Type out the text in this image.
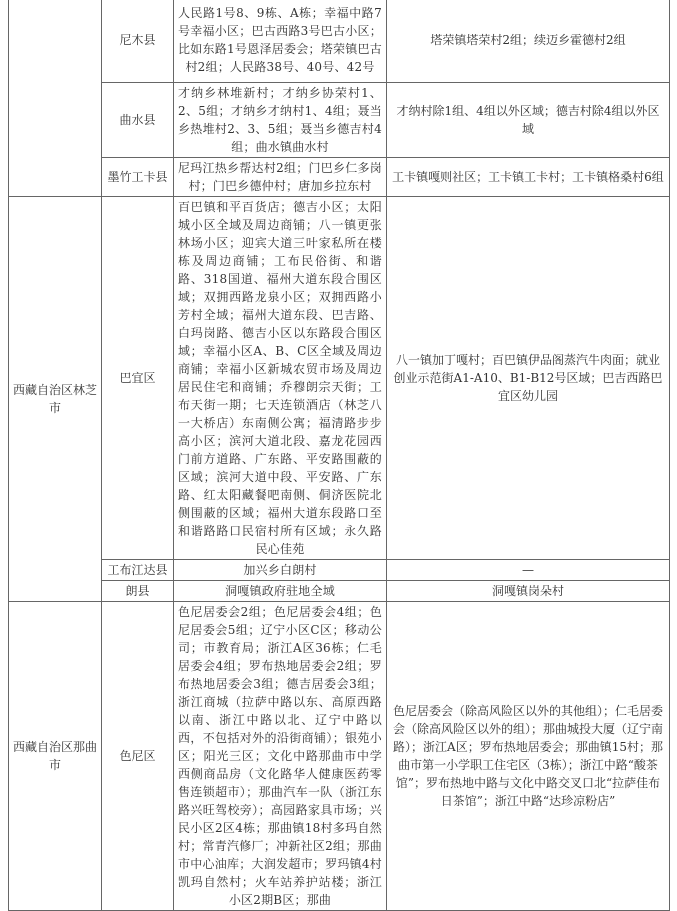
	尼木县	人民路1号8、9栋、A栋；幸福中路7号幸福小区；巴古西路3号巴古小区；比如东路1号恩泽居委会；塔荣镇巴古村2组；人民路38号、40号、42号	塔荣镇塔荣村2组；续迈乡霍德村2组
	曲水县	才纳乡林堆新村；才纳乡协荣村1、2、5组；才纳乡才纳村1、4组；聂当乡热堆村2、3、5组；聂当乡德吉村4组；曲水镇曲水村	才纳村除1组、4组以外区域；德吉村除4组以外区域
	墨竹工卡县	尼玛江热乡帮达村2组；门巴乡仁多岗村；门巴乡德仲村；唐加乡拉东村	工卡镇嘎则社区；工卡镇工卡村；工卡镇格桑村6组
西藏自治区林芝市	巴宜区	百巴镇和平百货店；德吉小区；太阳城小区全域及周边商铺；八一镇更张林场小区；迎宾大道三叶家私所在楼栋及周边商铺；工布民俗街、和谐路、318国道、福州大道东段合围区域；双拥西路龙泉小区；双拥西路小芳村全域；福州大道东段、巴吉路、白玛岗路、德吉小区以东路段合围区域；幸福小区A、B、C区全域及周边商铺；幸福小区新城农贸市场及周边居民住宅和商铺；乔穆朗宗天街；工布天街一期；七天连锁酒店（林芝八一大桥店）东南侧公寓；福清路步步高小区；滨河大道北段、嘉龙花园西门前方道路、广东路、平安路围蔽的区域；滨河大道中段、平安路、广东路、红太阳藏餐吧南侧、侗济医院北侧围蔽的区域；福州大道东段路口至和谐路路口民宿村所有区域；永久路民心佳苑	八一镇加丁嘎村；百巴镇伊品阁蒸汽牛肉面；就业创业示范街A1-A10、B1-B12号区域；巴吉西路巴宜区幼儿园
	工布江达县	加兴乡白朗村	—
	朗县	洞嘎镇政府驻地全域	洞嘎镇岗朵村
西藏自治区那曲市	色尼区	色尼居委会2组；色尼居委会4组；色尼居委会5组；辽宁小区C区；移动公司；市教育局；浙江A区36栋；仁毛居委会4组；罗布热地居委会2组；罗布热地居委会3组；德吉居委会3组；浙江商城（拉萨中路以东、高原西路以南、浙江中路以北、辽宁中路以西，不包括对外的沿街商铺）；银苑小区；阳光三区；文化中路那曲市中学西侧商品房（文化路华人健康医药零售连锁超市）；那曲汽车一队（浙江东路兴旺驾校旁）；高园路家具市场；兴民小区2区4栋；那曲镇18村多玛自然村；常青汽修厂；冲新社区2组；那曲市中心油库；大润发超市；罗玛镇4村凯玛自然村；火车站养护站楼；浙江小区2期B区；那曲	色尼居委会（除高风险区以外的其他组）；仁毛居委会（除高风险区以外的组）；那曲城投大厦（辽宁南路）；浙江A区；罗布热地居委会；那曲镇15村；那曲市第一小学职工住宅区（3栋）；浙江中路“酸茶馆”；罗布热地中路与文化中路交叉口北“拉萨佳布日茶馆”；浙江中路“达珍凉粉店”
